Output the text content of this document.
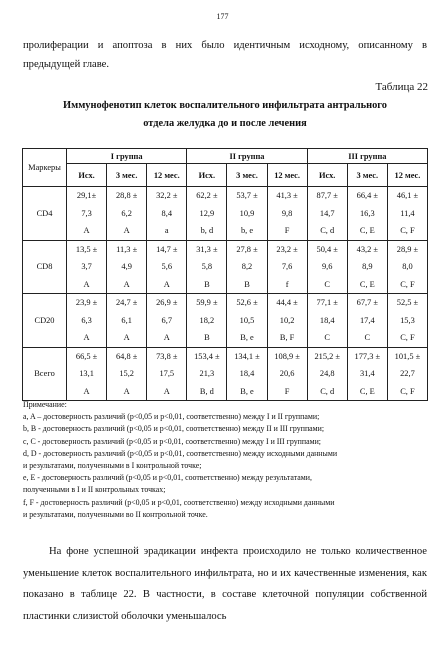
177
пролиферации и апоптоза в них было идентичным исходному, описанному в предыдущей главе.
Таблица 22
Иммунофенотип клеток воспалительного инфильтрата антрального
отдела желудка до и после лечения
Маркеры	I группа			II группа			III группа		
	Исх.	3 мес.	12 мес.	Исх.	3 мес.	12 мес.	Исх.	3 мес.	12 мес.
CD4	29,1±	28,8 ±	32,2 ±	62,2 ±	53,7 ±	41,3 ±	87,7 ±	66,4 ±	46,1 ±
	7,3	6,2	8,4	12,9	10,9	9,8	14,7	16,3	11,4
	A	A	a	b, d	b, e	F	C, d	C, E	C, F
CD8	13,5 ±	11,3 ±	14,7 ±	31,3 ±	27,8 ±	23,2 ±	50,4 ±	43,2 ±	28,9 ±
	3,7	4,9	5,6	5,8	8,2	7,6	9,6	8,9	8,0
	A	A	A	B	B	f	C	C, E	C, F
CD20	23,9 ±	24,7 ±	26,9 ±	59,9 ±	52,6 ±	44,4 ±	77,1 ±	67,7 ±	52,5 ±
	6,3	6,1	6,7	18,2	10,5	10,2	18,4	17,4	15,3
	A	A	A	B	B, e	B, F	C	C	C, F
Всего	66,5 ±	64,8 ±	73,8 ±	153,4 ±	134,1 ±	108,9 ±	215,2 ±	177,3 ±	101,5 ±
	13,1	15,2	17,5	21,3	18,4	20,6	24,8	31,4	22,7
	A	A	A	B, d	B, e	F	C, d	C, E	C, F
Примечание:
a, A – достоверность различий (p<0,05 и p<0,01, соответственно) между I и II группами;
b, B - достоверность различий (p<0,05 и p<0,01, соответственно) между II и III группами;
c, C - достоверность различий (p<0,05 и p<0,01, соответственно) между I и III группами;
d, D - достоверность различий (p<0,05 и p<0,01, соответственно) между исходными данными
и результатами, полученными в I контрольной точке;
e, E - достоверность различий (p<0,05 и p<0,01, соответственно) между результатами,
полученными в I и II контрольных точках;
f, F - достоверность различий (p<0,05 и p<0,01, соответственно) между исходными данными
и результатами, полученными во II контрольной точке.
На фоне успешной эрадикации инфекта происходило не только количественное уменьшение клеток воспалительного инфильтрата, но и их качественные изменения, как показано в таблице 22. В частности, в составе клеточной популяции собственной пластинки слизистой оболочки уменьшалось
